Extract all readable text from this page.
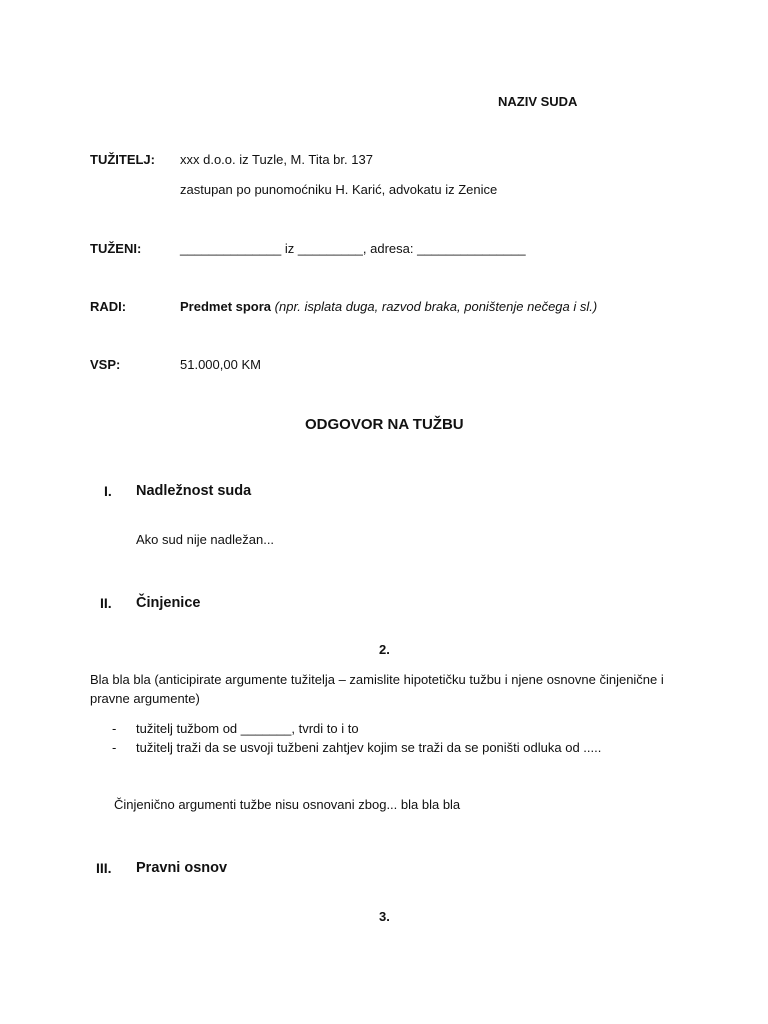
NAZIV SUDA
TUŽITELJ: xxx d.o.o. iz Tuzle, M. Tita br. 137
zastupan po punomoćniku H. Karić, advokatu iz Zenice
TUŽENI:	______________ iz _________, adresa: _______________
RADI:	Predmet spora (npr. isplata duga, razvod braka, poništenje nečega i sl.)
VSP:	51.000,00 KM
ODGOVOR NA TUŽBU
I. Nadležnost suda
Ako sud nije nadležan...
II. Činjenice
2.
Bla bla bla (anticipirate argumente tužitelja – zamislite hipotetičku tužbu i njene osnovne činjenične i pravne argumente)
- tužitelj tužbom od _______, tvrdi to i to
- tužitelj traži da se usvoji tužbeni zahtjev kojim se traži da se poništi odluka od .....
Činjenično argumenti tužbe nisu osnovani zbog... bla bla bla
III. Pravni osnov
3.
